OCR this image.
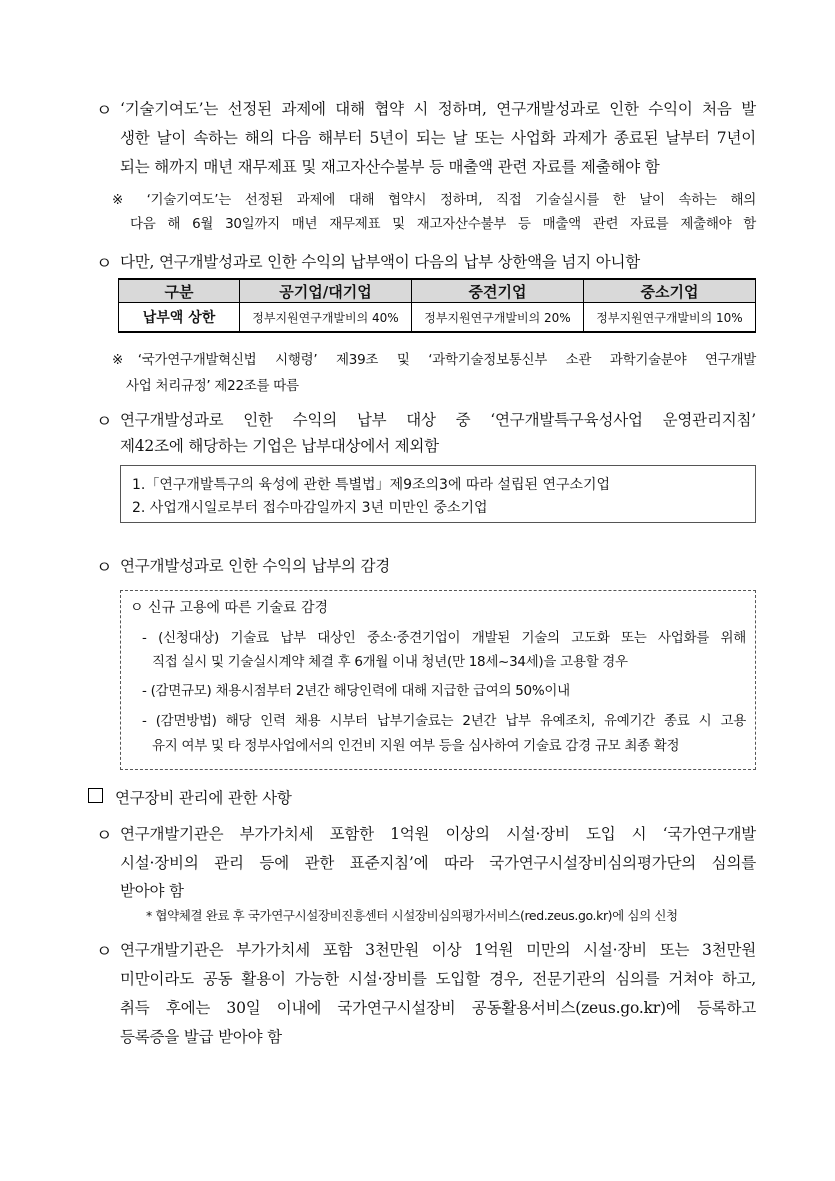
ㅇ ‘기술기여도’는 선정된 과제에 대해 협약 시 정하며, 연구개발성과로 인한 수익이 처음 발
생한 날이 속하는 해의 다음 해부터 5년이 되는 날 또는 사업화 과제가 종료된 날부터 7년이
되는 해까지 매년 재무제표 및 재고자산수불부 등 매출액 관련 자료를 제출해야 함
※ ‘기술기여도’는 선정된 과제에 대해 협약시 정하며, 직접 기술실시를 한 날이 속하는 해의
다음 해 6월 30일까지 매년 재무제표 및 재고자산수불부 등 매출액 관련 자료를 제출해야 함
ㅇ 다만, 연구개발성과로 인한 수익의 납부액이 다음의 납부 상한액을 넘지 아니함
구분	공기업/대기업	중견기업	중소기업
납부액 상한	정부지원연구개발비의 40%	정부지원연구개발비의 20%	정부지원연구개발비의 10%
※‘국가연구개발혁신법 시행령’ 제39조 및 ‘과학기술정보통신부 소관 과학기술분야 연구개발
사업 처리규정’ 제22조를 따름
ㅇ 연구개발성과로 인한 수익의 납부 대상 중 ‘연구개발특구육성사업 운영관리지침’
제42조에 해당하는 기업은 납부대상에서 제외함
1.「연구개발특구의 육성에 관한 특별법」제9조의3에 따라 설립된 연구소기업
2. 사업개시일로부터 접수마감일까지 3년 미만인 중소기업
ㅇ 연구개발성과로 인한 수익의 납부의 감경
ㅇ 신규 고용에 따른 기술료 감경
- (신청대상) 기술료 납부 대상인 중소·중견기업이 개발된 기술의 고도화 또는 사업화를 위해
직접 실시 및 기술실시계약 체결 후 6개월 이내 청년(만 18세~34세)을 고용할 경우
- (감면규모) 채용시점부터 2년간 해당인력에 대해 지급한 급여의 50%이내
- (감면방법) 해당 인력 채용 시부터 납부기술료는 2년간 납부 유예조치, 유예기간 종료 시 고용
유지 여부 및 타 정부사업에서의 인건비 지원 여부 등을 심사하여 기술료 감경 규모 최종 확정
연구장비 관리에 관한 사항
ㅇ 연구개발기관은 부가가치세 포함한 1억원 이상의 시설·장비 도입 시 ‘국가연구개발
시설·장비의 관리 등에 관한 표준지침’에 따라 국가연구시설장비심의평가단의 심의를
받아야 함
* 협약체결 완료 후 국가연구시설장비진흥센터 시설장비심의평가서비스(red.zeus.go.kr)에 심의 신청
ㅇ 연구개발기관은 부가가치세 포함 3천만원 이상 1억원 미만의 시설·장비 또는 3천만원
미만이라도 공동 활용이 가능한 시설·장비를 도입할 경우, 전문기관의 심의를 거쳐야 하고,
취득 후에는 30일 이내에 국가연구시설장비 공동활용서비스(zeus.go.kr)에 등록하고
등록증을 발급 받아야 함
